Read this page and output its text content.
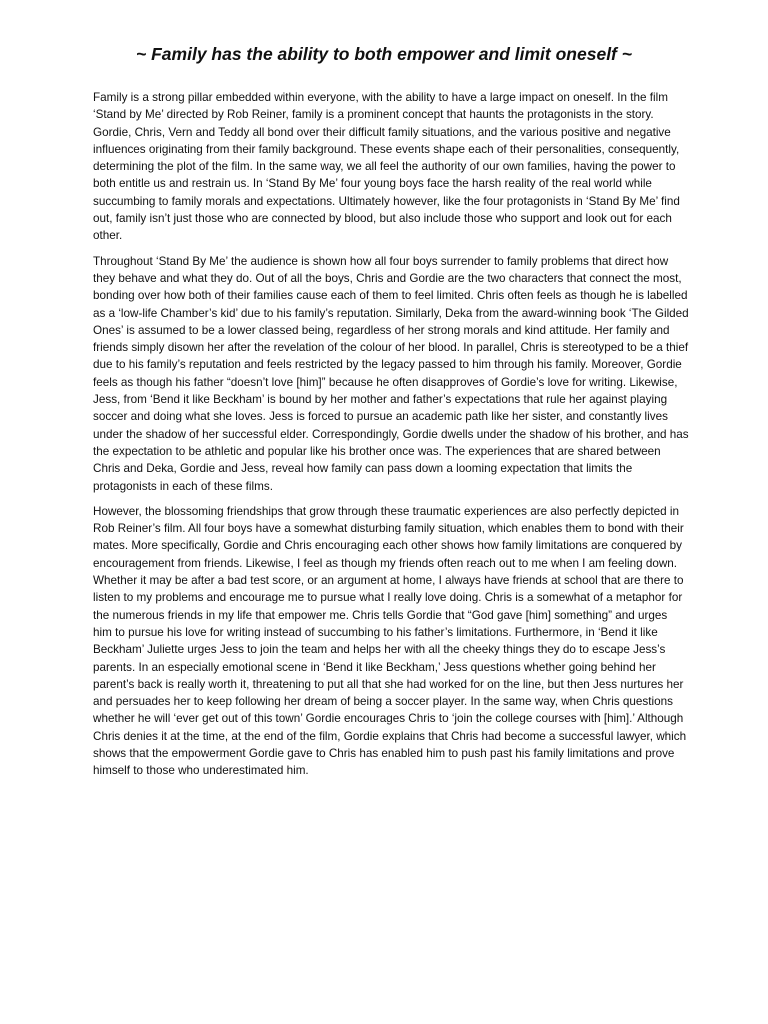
~ Family has the ability to both empower and limit oneself ~

Family is a strong pillar embedded within everyone, with the ability to have a large impact on oneself. In the film ‘Stand by Me’ directed by Rob Reiner, family is a prominent concept that haunts the protagonists in the story. Gordie, Chris, Vern and Teddy all bond over their difficult family situations, and the various positive and negative influences originating from their family background. These events shape each of their personalities, consequently, determining the plot of the film. In the same way, we all feel the authority of our own families, having the power to both entitle us and restrain us. In ‘Stand By Me’ four young boys face the harsh reality of the real world while succumbing to family morals and expectations. Ultimately however, like the four protagonists in ‘Stand By Me’ find out, family isn’t just those who are connected by blood, but also include those who support and look out for each other.

Throughout ‘Stand By Me’ the audience is shown how all four boys surrender to family problems that direct how they behave and what they do. Out of all the boys, Chris and Gordie are the two characters that connect the most, bonding over how both of their families cause each of them to feel limited. Chris often feels as though he is labelled as a ‘low-life Chamber’s kid’ due to his family’s reputation. Similarly, Deka from the award-winning book ‘The Gilded Ones’ is assumed to be a lower classed being, regardless of her strong morals and kind attitude. Her family and friends simply disown her after the revelation of the colour of her blood. In parallel, Chris is stereotyped to be a thief due to his family’s reputation and feels restricted by the legacy passed to him through his family. Moreover, Gordie feels as though his father “doesn’t love [him]” because he often disapproves of Gordie’s love for writing. Likewise, Jess, from ‘Bend it like Beckham’ is bound by her mother and father’s expectations that rule her against playing soccer and doing what she loves. Jess is forced to pursue an academic path like her sister, and constantly lives under the shadow of her successful elder. Correspondingly, Gordie dwells under the shadow of his brother, and has the expectation to be athletic and popular like his brother once was. The experiences that are shared between Chris and Deka, Gordie and Jess, reveal how family can pass down a looming expectation that limits the protagonists in each of these films.

However, the blossoming friendships that grow through these traumatic experiences are also perfectly depicted in Rob Reiner’s film. All four boys have a somewhat disturbing family situation, which enables them to bond with their mates. More specifically, Gordie and Chris encouraging each other shows how family limitations are conquered by encouragement from friends. Likewise, I feel as though my friends often reach out to me when I am feeling down. Whether it may be after a bad test score, or an argument at home, I always have friends at school that are there to listen to my problems and encourage me to pursue what I really love doing. Chris is a somewhat of a metaphor for the numerous friends in my life that empower me. Chris tells Gordie that “God gave [him] something” and urges him to pursue his love for writing instead of succumbing to his father’s limitations. Furthermore, in ‘Bend it like Beckham’ Juliette urges Jess to join the team and helps her with all the cheeky things they do to escape Jess’s parents. In an especially emotional scene in ‘Bend it like Beckham,’ Jess questions whether going behind her parent’s back is really worth it, threatening to put all that she had worked for on the line, but then Jess nurtures her and persuades her to keep following her dream of being a soccer player. In the same way, when Chris questions whether he will ‘ever get out of this town’ Gordie encourages Chris to ‘join the college courses with [him].’ Although Chris denies it at the time, at the end of the film, Gordie explains that Chris had become a successful lawyer, which shows that the empowerment Gordie gave to Chris has enabled him to push past his family limitations and prove himself to those who underestimated him.
